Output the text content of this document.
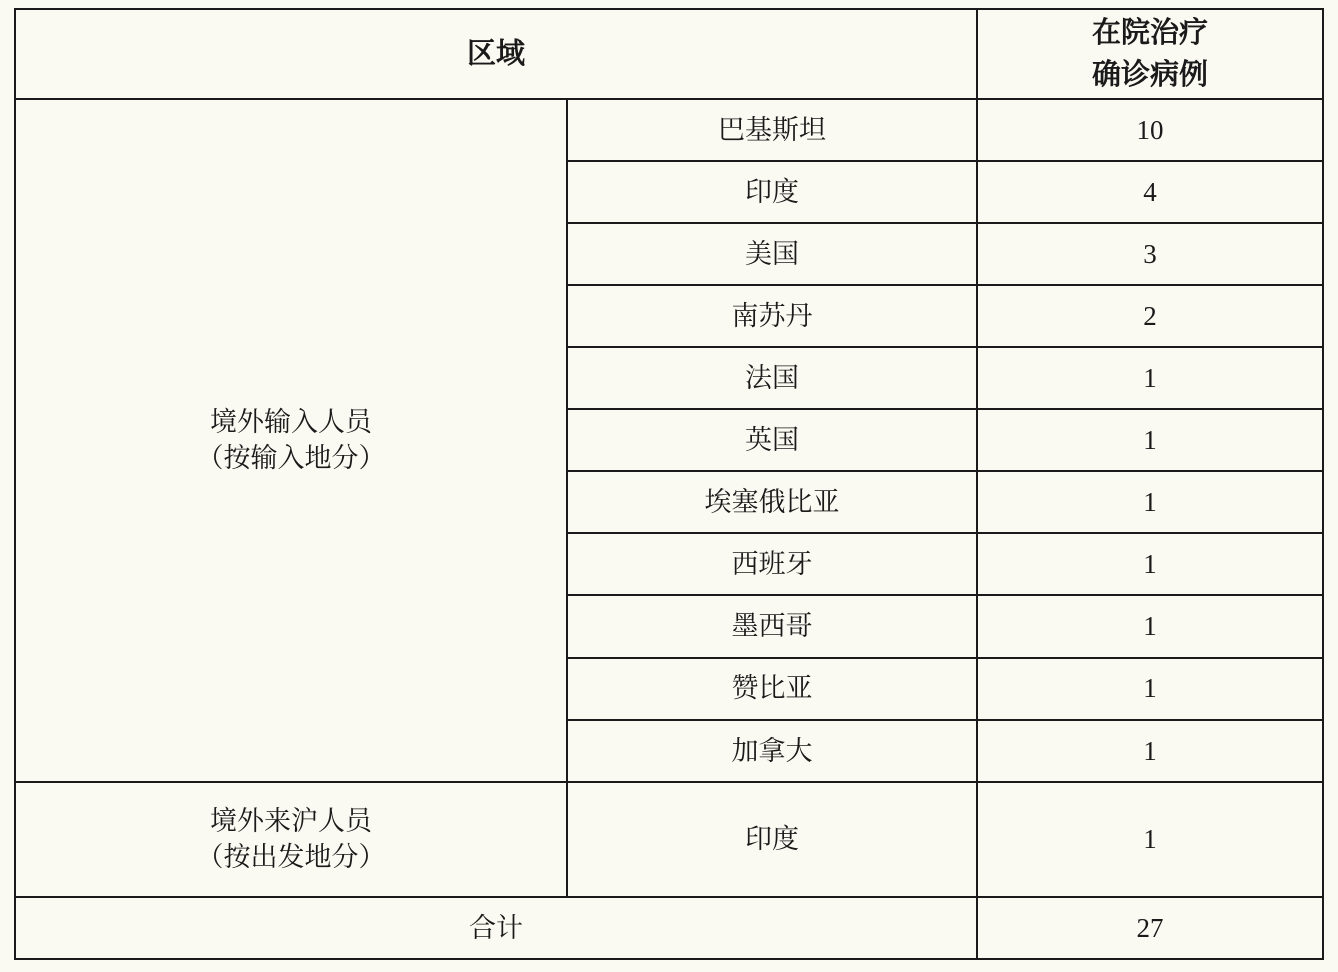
区域		在院治疗
确诊病例

境外输入人员
（按输入地分）	巴基斯坦	10
	印度	4
	美国	3
	南苏丹	2
	法国	1
	英国	1
	埃塞俄比亚	1
	西班牙	1
	墨西哥	1
	赞比亚	1
	加拿大	1

境外来沪人员
（按出发地分）	印度	1
合计		27
